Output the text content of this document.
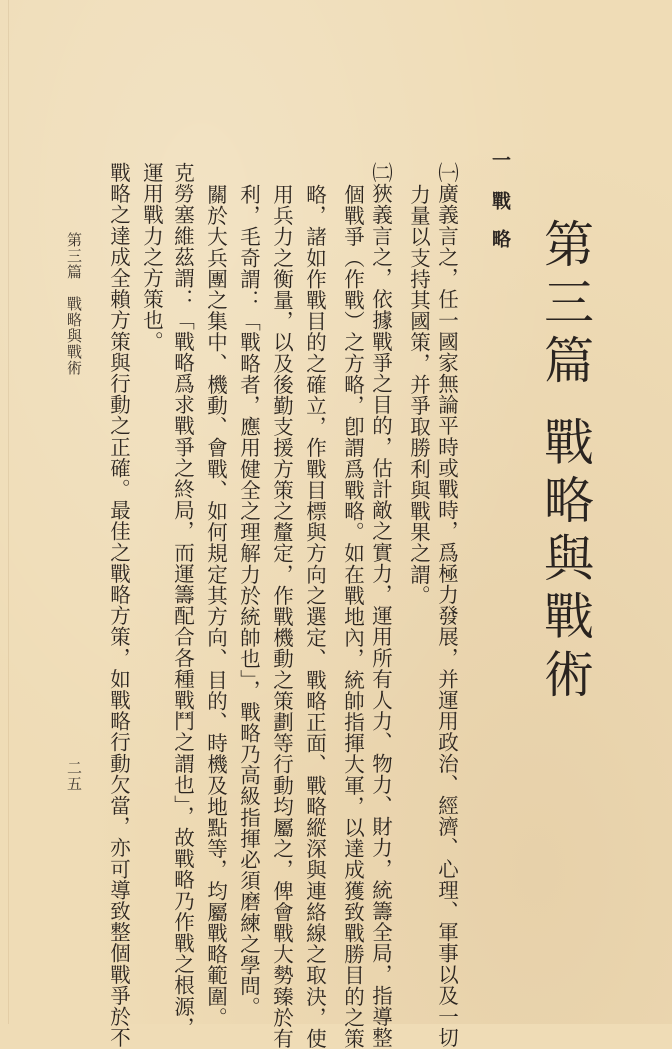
第三篇戰略與戰術
一 戰　略
㈠廣義言之，任一國家無論平時或戰時，爲極力發展，并運用政治、經濟、心理、軍事以及一切
力量以支持其國策，并爭取勝利與戰果之謂。
㈡狹義言之，依據戰爭之目的，估計敵之實力，運用所有人力、物力、財力，統籌全局，指導整
個戰爭（作戰）之方略，卽謂爲戰略。如在戰地內，統帥指揮大軍，以達成獲致戰勝目的之策
略，諸如作戰目的之確立，作戰目標與方向之選定、戰略正面、戰略縱深與連絡線之取決，使
用兵力之衡量，以及後勤支援方策之釐定，作戰機動之策劃等行動均屬之，俾會戰大勢臻於有
利，毛奇謂：「戰略者，應用健全之理解力於統帥也」，戰略乃高級指揮必須磨練之學問。
關於大兵團之集中、機動、會戰、如何規定其方向、目的、時機及地點等，均屬戰略範圍。
克勞塞維茲謂：「戰略爲求戰爭之終局，而運籌配合各種戰鬥之謂也」，故戰略乃作戰之根源，
運用戰力之方策也。
戰略之達成全賴方策與行動之正確。最佳之戰略方策，如戰略行動欠當，亦可導致整個戰爭於不
第三篇　戰略與戰術
二五
